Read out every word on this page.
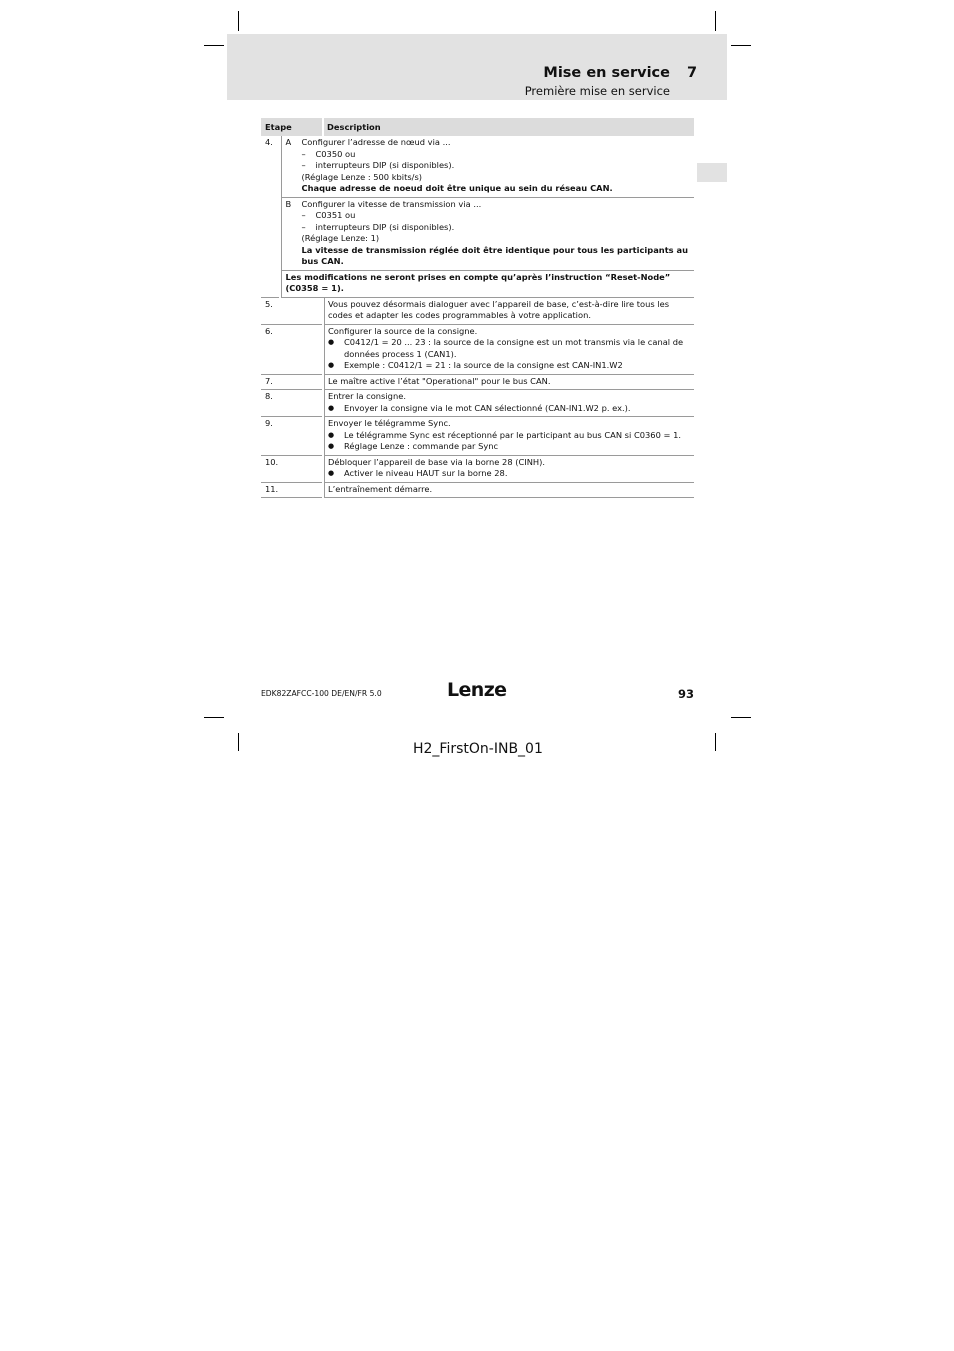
Mise en service 7
Première mise en service
Etape	Description
4.	A	Configurer l’adresse de nœud via ...
–	C0350 ou
–	interrupteurs DIP (si disponibles).
(Réglage Lenze : 500 kbits/s)
Chaque adresse de noeud doit être unique au sein du réseau CAN.
B	Configurer la vitesse de transmission via ...
–	C0351 ou
–	interrupteurs DIP (si disponibles).
(Réglage Lenze: 1)
La vitesse de transmission réglée doit être identique pour tous les participants au
bus CAN.
Les modifications ne seront prises en compte qu’après l’instruction “Reset-Node”
(C0358 = 1).
5.	Vous pouvez désormais dialoguer avec l’appareil de base, c’est-à-dire lire tous les
codes et adapter les codes programmables à votre application.
6.	Configurer la source de la consigne.
●	C0412/1 = 20 ... 23 : la source de la consigne est un mot transmis via le canal de
données process 1 (CAN1).
●	Exemple : C0412/1 = 21 : la source de la consigne est CAN-IN1.W2
7.	Le maître active l’état "Operational" pour le bus CAN.
8.	Entrer la consigne.
●	Envoyer la consigne via le mot CAN sélectionné (CAN-IN1.W2 p. ex.).
9.	Envoyer le télégramme Sync.
●	Le télégramme Sync est réceptionné par le participant au bus CAN si C0360 = 1.
●	Réglage Lenze : commande par Sync
10.	Débloquer l’appareil de base via la borne 28 (CINH).
●	Activer le niveau HAUT sur la borne 28.
11.	L’entraînement démarre.
EDK82ZAFCC-100 DE/EN/FR 5.0	Lenze	93
H2_FirstOn-INB_01
